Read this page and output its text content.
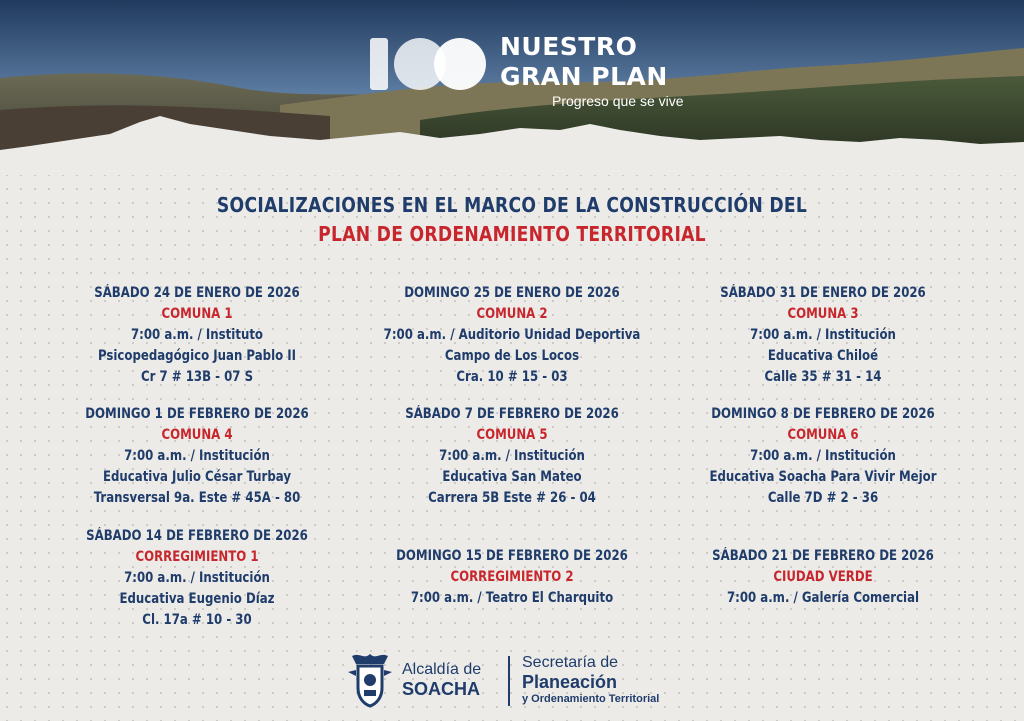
NUESTRO
GRAN PLAN
Progreso que se vive
SOCIALIZACIONES EN EL MARCO DE LA CONSTRUCCIÓN DEL
PLAN DE ORDENAMIENTO TERRITORIAL
SÁBADO 24 DE ENERO DE 2026
COMUNA 1
7:00 a.m. / Instituto
Psicopedagógico Juan Pablo II
Cr 7 # 13B - 07 S
DOMINGO 25 DE ENERO DE 2026
COMUNA 2
7:00 a.m. / Auditorio Unidad Deportiva
Campo de Los Locos
Cra. 10 # 15 - 03
SÁBADO 31 DE ENERO DE 2026
COMUNA 3
7:00 a.m. / Institución
Educativa Chiloé
Calle 35 # 31 - 14
DOMINGO 1 DE FEBRERO DE 2026
COMUNA 4
7:00 a.m. / Institución
Educativa Julio César Turbay
Transversal 9a. Este # 45A - 80
SÁBADO 7 DE FEBRERO DE 2026
COMUNA 5
7:00 a.m. / Institución
Educativa San Mateo
Carrera 5B Este # 26 - 04
DOMINGO 8 DE FEBRERO DE 2026
COMUNA 6
7:00 a.m. / Institución
Educativa Soacha Para Vivir Mejor
Calle 7D # 2 - 36
SÁBADO 14 DE FEBRERO DE 2026
CORREGIMIENTO 1
7:00 a.m. / Institución
Educativa Eugenio Díaz
Cl. 17a # 10 - 30
DOMINGO 15 DE FEBRERO DE 2026
CORREGIMIENTO 2
7:00 a.m. / Teatro El Charquito
SÁBADO 21 DE FEBRERO DE 2026
CIUDAD VERDE
7:00 a.m. / Galería Comercial
Alcaldía de
SOACHA
Secretaría de
Planeación
y Ordenamiento Territorial
